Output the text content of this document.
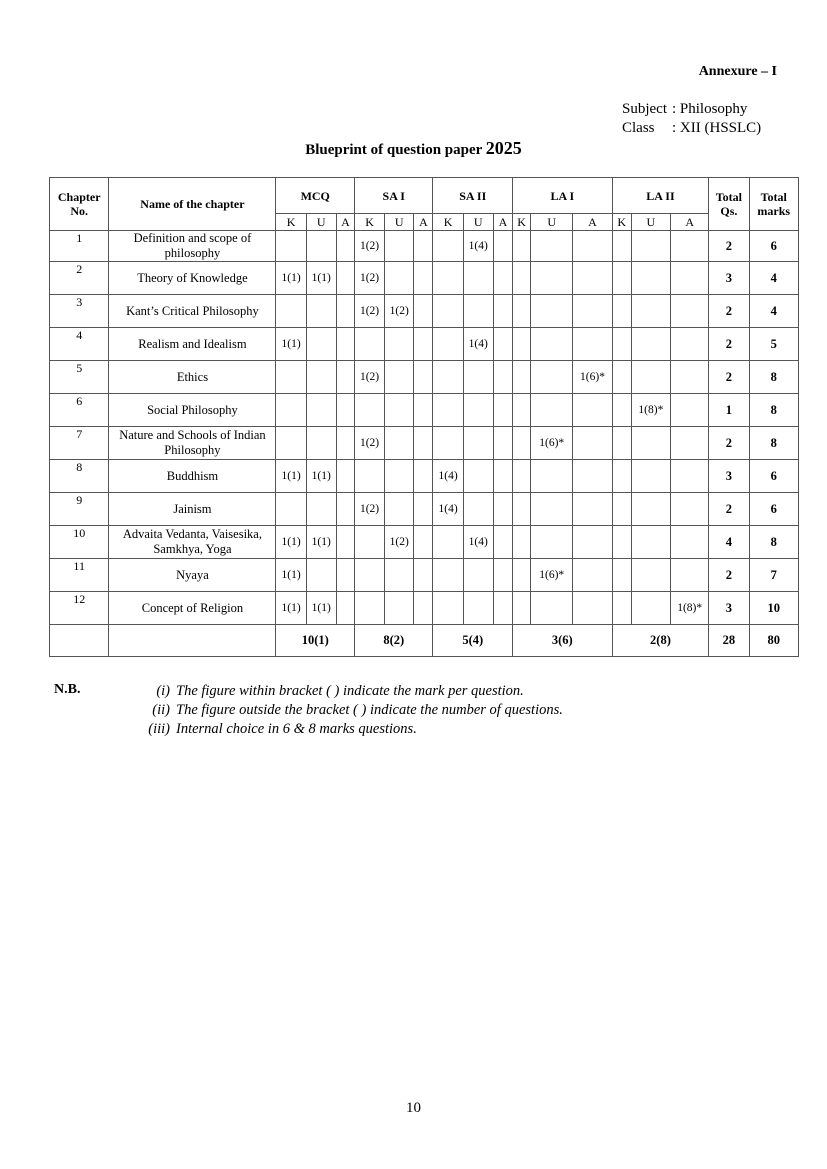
Annexure – I
Subject : Philosophy
Class	: XII (HSSLC)
Blueprint of question paper 2025
Chapter No.	Name of the chapter	MCQ			SA I			SA II			LA I			LA II			Total Qs.	Total marks
		K	U	A	K	U	A	K	U	A	K	U	A	K	U	A		
1	Definition and scope of philosophy				1(2)				1(4)								2	6
2	Theory of Knowledge	1(1)	1(1)		1(2)												3	4
3	Kant’s Critical Philosophy				1(2)	1(2)											2	4
4	Realism and Idealism	1(1)							1(4)								2	5
5	Ethics				1(2)								1(6)*				2	8
6	Social Philosophy														1(8)*		1	8
7	Nature and Schools of Indian Philosophy				1(2)							1(6)*					2	8
8	Buddhism	1(1)	1(1)					1(4)									3	6
9	Jainism				1(2)			1(4)									2	6
10	Advaita Vedanta, Vaisesika, Samkhya, Yoga	1(1)	1(1)			1(2)			1(4)								4	8
11	Nyaya	1(1)										1(6)*					2	7
12	Concept of Religion	1(1)	1(1)													1(8)*	3	10
		10(1)			8(2)			5(4)			3(6)			2(8)			28	80
N.B.	(i) The figure within bracket ( ) indicate the mark per question.
(ii) The figure outside the bracket ( ) indicate the number of questions.
(iii) Internal choice in 6 & 8 marks questions.
10
